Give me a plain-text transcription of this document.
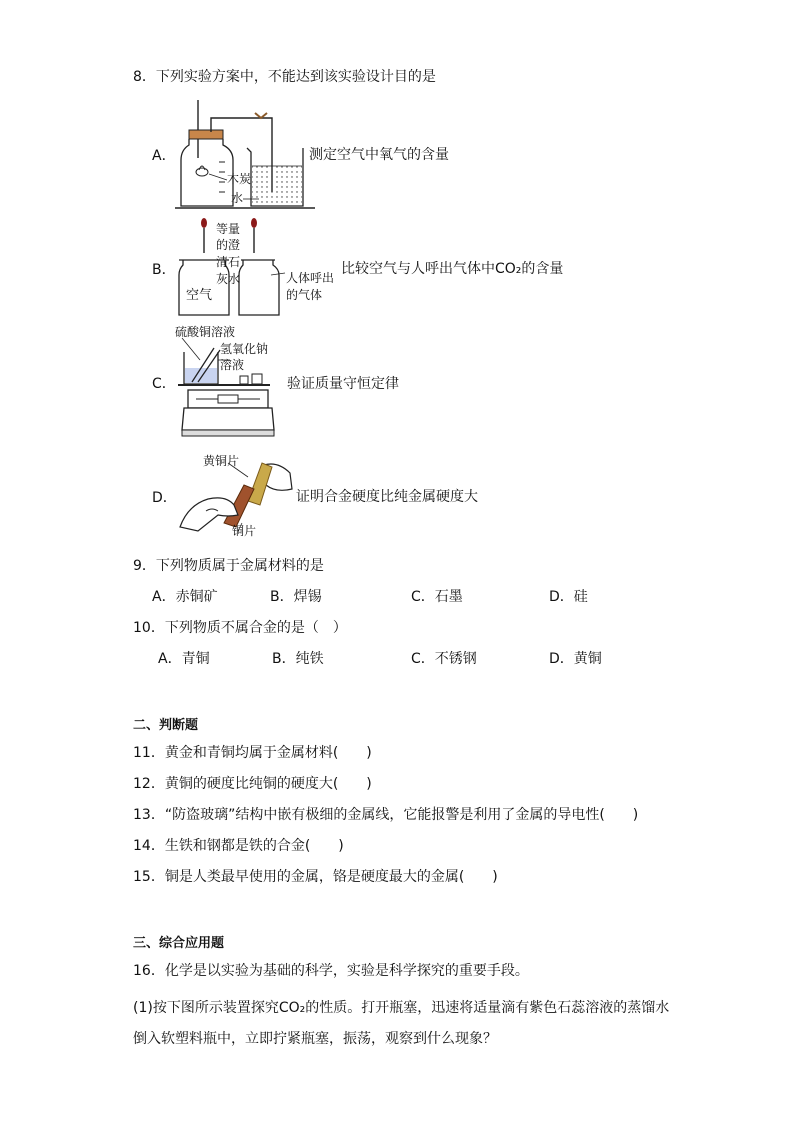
8．下列实验方案中，不能达到该实验设计目的是
A．
木炭
水
测定空气中氧气的含量
B．
等量
的澄
清石
灰水
空气
人体呼出
的气体
比较空气与人呼出气体中CO₂的含量
硫酸铜溶液
氢氧化钠
溶液
C．	验证质量守恒定律
黄铜片
D．
铜片
证明合金硬度比纯金属硬度大
9．下列物质属于金属材料的是
A．赤铜矿	B．焊锡	C．石墨	D．硅
10．下列物质不属合金的是（　）
A．青铜	B．纯铁	C．不锈钢	D．黄铜
二、判断题
11．黄金和青铜均属于金属材料(　　)
12．黄铜的硬度比纯铜的硬度大(　　)
13．“防盗玻璃”结构中嵌有极细的金属线，它能报警是利用了金属的导电性(　　)
14．生铁和钢都是铁的合金(　　)
15．铜是人类最早使用的金属，铬是硬度最大的金属(　　)
三、综合应用题
16．化学是以实验为基础的科学，实验是科学探究的重要手段。
(1)按下图所示装置探究CO₂的性质。打开瓶塞，迅速将适量滴有紫色石蕊溶液的蒸馏水
倒入软塑料瓶中，立即拧紧瓶塞，振荡，观察到什么现象？
